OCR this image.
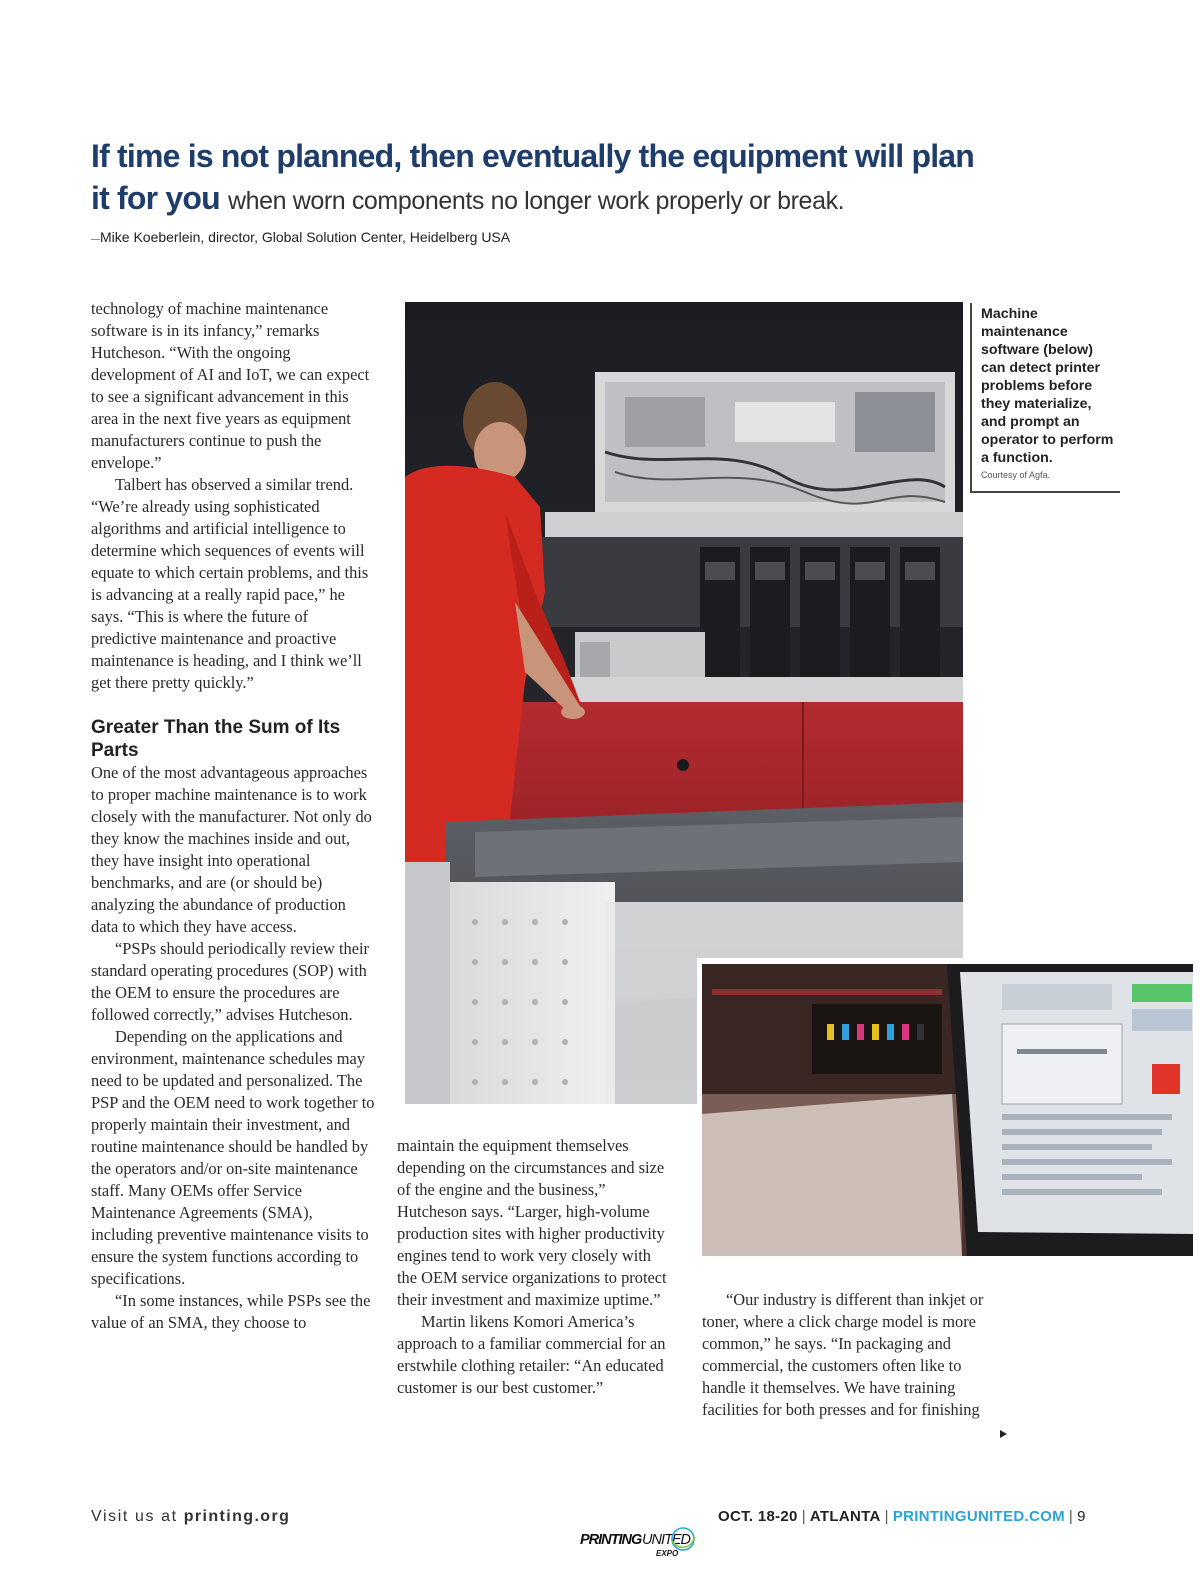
If time is not planned, then eventually the equipment will plan
it for you when worn components no longer work properly or break.
—Mike Koeberlein, director, Global Solution Center, Heidelberg USA

technology of machine maintenance software is in its infancy,” remarks Hutcheson. “With the ongoing development of AI and IoT, we can expect to see a significant advancement in this area in the next five years as equipment manufacturers continue to push the envelope.”

Talbert has observed a similar trend. “We’re already using sophisticated algorithms and artificial intelligence to determine which sequences of events will equate to which certain problems, and this is advancing at a really rapid pace,” he says. “This is where the future of predictive maintenance and proactive maintenance is heading, and I think we’ll get there pretty quickly.”

Greater Than the Sum of Its Parts

One of the most advantageous approaches to proper machine maintenance is to work closely with the manufacturer. Not only do they know the machines inside and out, they have insight into operational benchmarks, and are (or should be) analyzing the abundance of production data to which they have access.

“PSPs should periodically review their standard operating procedures (SOP) with the OEM to ensure the procedures are followed correctly,” advises Hutcheson.

Depending on the applications and environment, maintenance schedules may need to be updated and personalized. The PSP and the OEM need to work together to properly maintain their investment, and routine maintenance should be handled by the operators and/or on-site maintenance staff. Many OEMs offer Service Maintenance Agreements (SMA), including preventive maintenance visits to ensure the system functions according to specifications.

“In some instances, while PSPs see the value of an SMA, they choose to

Machine maintenance software (below) can detect printer problems before they materialize, and prompt an operator to perform a function.
Courtesy of Agfa.

maintain the equipment themselves depending on the circumstances and size of the engine and the business,” Hutcheson says. “Larger, high-volume production sites with higher productivity engines tend to work very closely with the OEM service organizations to protect their investment and maximize uptime.”

Martin likens Komori America’s approach to a familiar commercial for an erstwhile clothing retailer: “An educated customer is our best customer.”

“Our industry is different than inkjet or toner, where a click charge model is more common,” he says. “In packaging and commercial, the customers often like to handle it themselves. We have training facilities for both presses and for finishing

Visit us at printing.org
PRINTING UNITED
EXPO
OCT. 18-20 | ATLANTA | PRINTINGUNITED.COM | 9
